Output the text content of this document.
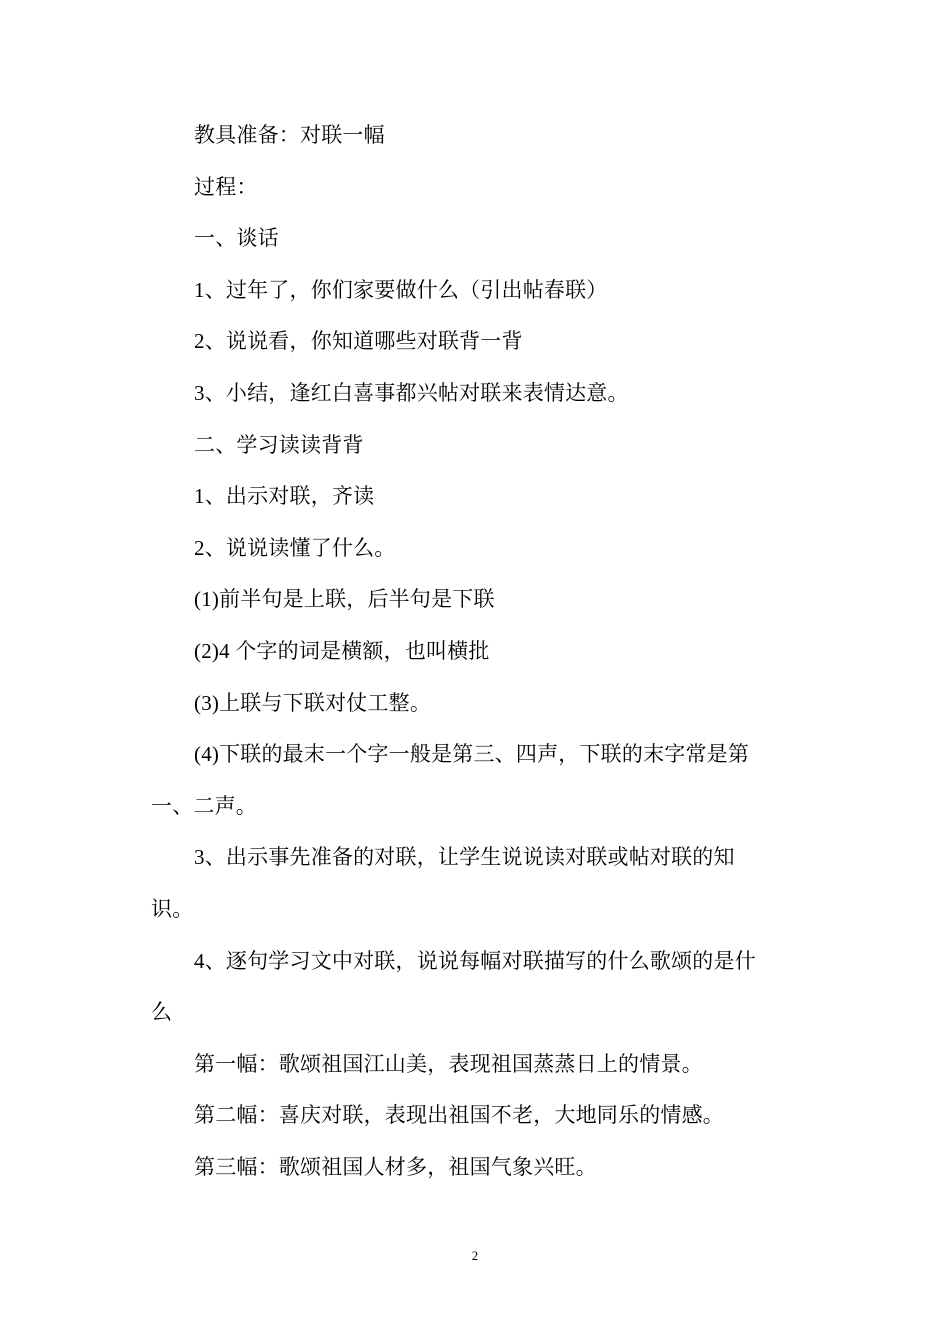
教具准备：对联一幅
过程：
一、谈话
1、过年了，你们家要做什么（引出帖春联）
2、说说看，你知道哪些对联背一背
3、小结，逢红白喜事都兴帖对联来表情达意。
二、学习读读背背
1、出示对联，齐读
2、说说读懂了什么。
(1)前半句是上联，后半句是下联
(2)4 个字的词是横额，也叫横批
(3)上联与下联对仗工整。
(4)下联的最末一个字一般是第三、四声，下联的末字常是第
一、二声。
3、出示事先准备的对联，让学生说说读对联或帖对联的知
识。
4、逐句学习文中对联，说说每幅对联描写的什么歌颂的是什
么
第一幅：歌颂祖国江山美，表现祖国蒸蒸日上的情景。
第二幅：喜庆对联，表现出祖国不老，大地同乐的情感。
第三幅：歌颂祖国人材多，祖国气象兴旺。
2
